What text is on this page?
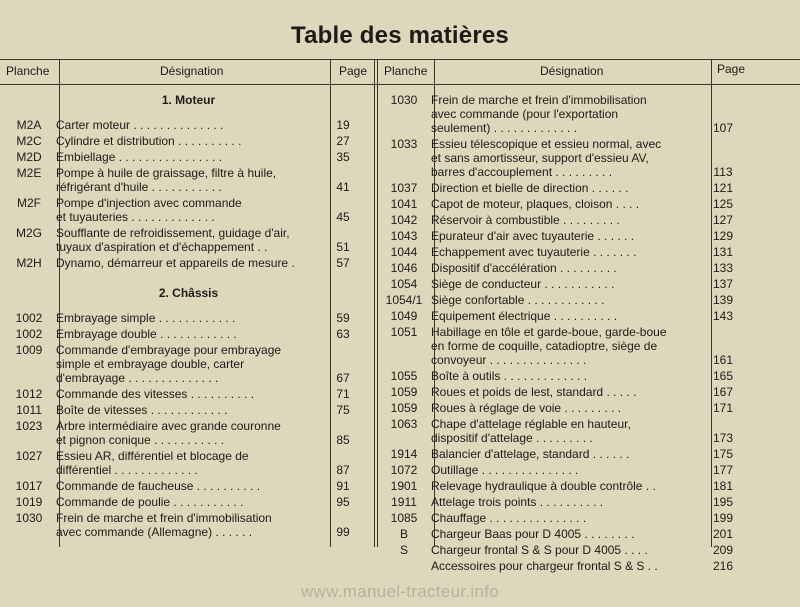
Table des matières
Planche	Désignation	Page Planche	Désignation	Page
1. Moteur
M2A	Carter moteur . . . . . . . . . . . . . .	19
M2C	Cylindre et distribution . . . . . . . . . .	27
M2D	Embiellage . . . . . . . . . . . . . . . .	35
M2E	Pompe à huile de graissage, filtre à huile,
réfrigérant d'huile . . . . . . . . . . .	41
M2F	Pompe d'injection avec commande
et tuyauteries . . . . . . . . . . . . .	45
M2G	Soufflante de refroidissement, guidage d'air,
tuyaux d'aspiration et d'échappement . .	51
M2H	Dynamo, démarreur et appareils de mesure .	57
2. Châssis
1002	Embrayage simple . . . . . . . . . . . .	59
1002	Embrayage double . . . . . . . . . . . .	63
1009	Commande d'embrayage pour embrayage
simple et embrayage double, carter
d'embrayage . . . . . . . . . . . . . .	67
1012	Commande des vitesses . . . . . . . . . .	71
1011	Boîte de vitesses . . . . . . . . . . . .	75
1023	Arbre intermédiaire avec grande couronne
et pignon conique . . . . . . . . . . .	85
1027	Essieu AR, différentiel et blocage de
différentiel . . . . . . . . . . . . .	87
1017	Commande de faucheuse . . . . . . . . . .	91
1019	Commande de poulie . . . . . . . . . . .	95
1030	Frein de marche et frein d'immobilisation
avec commande (Allemagne) . . . . . .	99
1030	Frein de marche et frein d'immobilisation
avec commande (pour l'exportation
seulement) . . . . . . . . . . . . .	107
1033	Essieu télescopique et essieu normal, avec
et sans amortisseur, support d'essieu AV,
barres d'accouplement . . . . . . . . .	113
1037	Direction et bielle de direction . . . . . .	121
1041	Capot de moteur, plaques, cloison . . . .	125
1042	Réservoir à combustible . . . . . . . . .	127
1043	Epurateur d'air avec tuyauterie . . . . . .	129
1044	Echappement avec tuyauterie . . . . . . .	131
1046	Dispositif d'accélération . . . . . . . . .	133
1054	Siège de conducteur . . . . . . . . . . .	137
1054/1 Siège confortable . . . . . . . . . . . .	139
1049	Equipement électrique . . . . . . . . . .	143
1051	Habillage en tôle et garde-boue, garde-boue
en forme de coquille, catadioptre, siège de
convoyeur . . . . . . . . . . . . . . .	161
1055	Boîte à outils . . . . . . . . . . . . .	165
1059	Roues et poids de lest, standard . . . . .	167
1059	Roues à réglage de voie . . . . . . . . .	171
1063	Chape d'attelage réglable en hauteur,
dispositif d'attelage . . . . . . . . .	173
1914	Balancier d'attelage, standard . . . . . .	175
1072	Outillage . . . . . . . . . . . . . . .	177
1901	Relevage hydraulique à double contrôle . .	181
1911	Attelage trois points . . . . . . . . . .	195
1085	Chauffage . . . . . . . . . . . . . . .	199
B	Chargeur Baas pour D 4005 . . . . . . . .	201
S	Chargeur frontal S & S pour D 4005 . . . .	209
Accessoires pour chargeur frontal S & S . .	216
www.manuel-tracteur.info
